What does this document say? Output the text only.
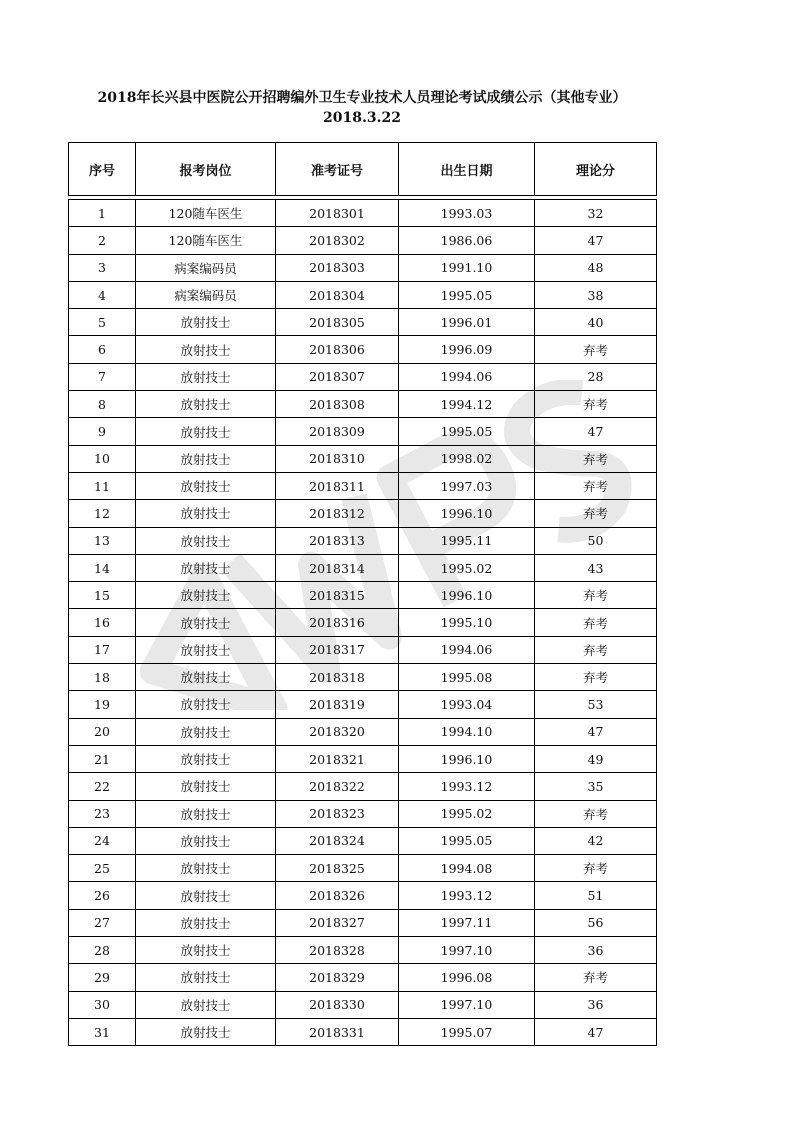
2018年长兴县中医院公开招聘编外卫生专业技术人员理论考试成绩公示（其他专业）2018.3.22
序号	报考岗位	准考证号	出生日期	理论分

1	120随车医生	2018301	1993.03	32
2	120随车医生	2018302	1986.06	47
3	病案编码员	2018303	1991.10	48
4	病案编码员	2018304	1995.05	38
5	放射技士	2018305	1996.01	40
6	放射技士	2018306	1996.09	弃考
7	放射技士	2018307	1994.06	28
8	放射技士	2018308	1994.12	弃考
9	放射技士	2018309	1995.05	47
10	放射技士	2018310	1998.02	弃考
11	放射技士	2018311	1997.03	弃考
12	放射技士	2018312	1996.10	弃考
13	放射技士	2018313	1995.11	50
14	放射技士	2018314	1995.02	43
15	放射技士	2018315	1996.10	弃考
16	放射技士	2018316	1995.10	弃考
17	放射技士	2018317	1994.06	弃考
18	放射技士	2018318	1995.08	弃考
19	放射技士	2018319	1993.04	53
20	放射技士	2018320	1994.10	47
21	放射技士	2018321	1996.10	49
22	放射技士	2018322	1993.12	35
23	放射技士	2018323	1995.02	弃考
24	放射技士	2018324	1995.05	42
25	放射技士	2018325	1994.08	弃考
26	放射技士	2018326	1993.12	51
27	放射技士	2018327	1997.11	56
28	放射技士	2018328	1997.10	36
29	放射技士	2018329	1996.08	弃考
30	放射技士	2018330	1997.10	36
31	放射技士	2018331	1995.07	47
